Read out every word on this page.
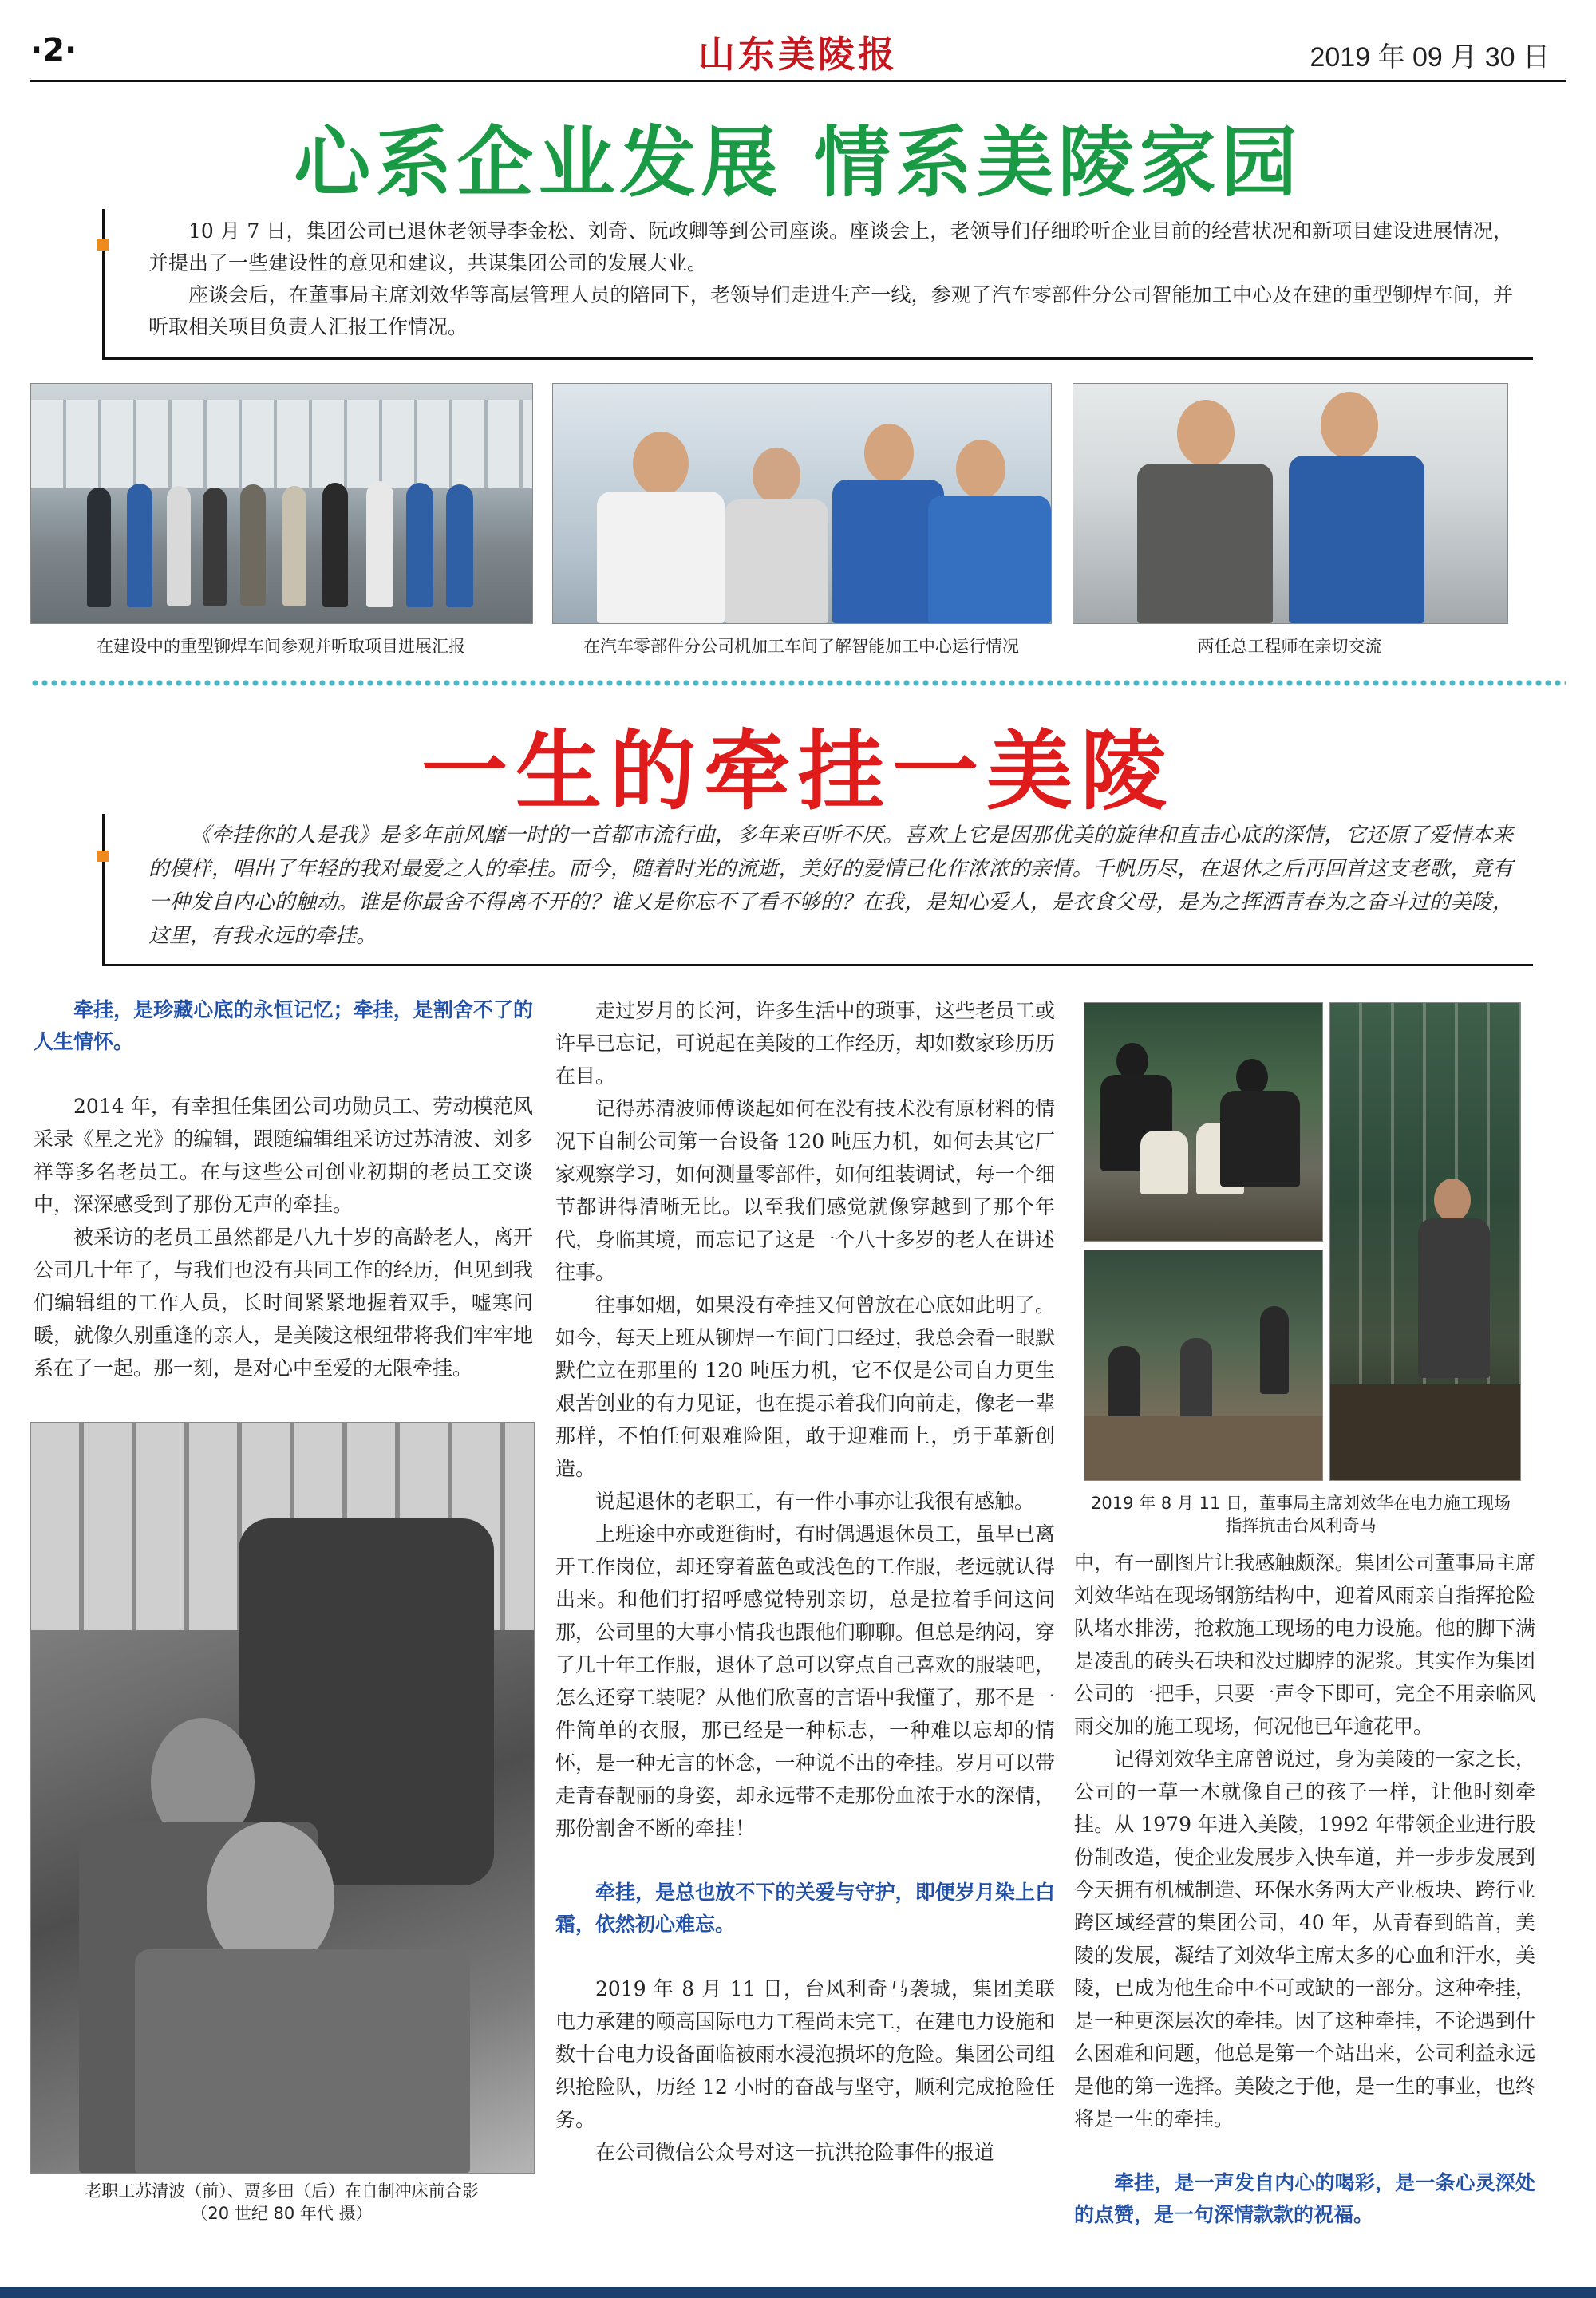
·2·	山东美陵报	2019 年 09 月 30 日
心系企业发展 情系美陵家园

10 月 7 日，集团公司已退休老领导李金松、刘奇、阮政卿等到公司座谈。座谈会上，老领导们仔细聆听企业目前的经营状况和新项目建设进展情况，并提出了一些建设性的意见和建议，共谋集团公司的发展大业。

座谈会后，在董事局主席刘效华等高层管理人员的陪同下，老领导们走进生产一线，参观了汽车零部件分公司智能加工中心及在建的重型铆焊车间，并听取相关项目负责人汇报工作情况。

在建设中的重型铆焊车间参观并听取项目进展汇报	在汽车零部件分公司机加工车间了解智能加工中心运行情况	两任总工程师在亲切交流
一生的牵挂一美陵

《牵挂你的人是我》是多年前风靡一时的一首都市流行曲，多年来百听不厌。喜欢上它是因那优美的旋律和直击心底的深情，它还原了爱情本来的模样，唱出了年轻的我对最爱之人的牵挂。而今，随着时光的流逝，美好的爱情已化作浓浓的亲情。千帆历尽，在退休之后再回首这支老歌，竟有一种发自内心的触动。谁是你最舍不得离不开的？谁又是你忘不了看不够的？在我，是知心爱人，是衣食父母，是为之挥洒青春为之奋斗过的美陵，这里，有我永远的牵挂。

牵挂，是珍藏心底的永恒记忆；牵挂，是割舍不了的人生情怀。

2014 年，有幸担任集团公司功勋员工、劳动模范风采录《星之光》的编辑，跟随编辑组采访过苏清波、刘多祥等多名老员工。在与这些公司创业初期的老员工交谈中，深深感受到了那份无声的牵挂。

被采访的老员工虽然都是八九十岁的高龄老人，离开公司几十年了，与我们也没有共同工作的经历，但见到我们编辑组的工作人员，长时间紧紧地握着双手，嘘寒问暖，就像久别重逢的亲人，是美陵这根纽带将我们牢牢地系在了一起。那一刻，是对心中至爱的无限牵挂。

老职工苏清波（前）、贾多田（后）在自制冲床前合影
（20 世纪 80 年代 摄）

走过岁月的长河，许多生活中的琐事，这些老员工或许早已忘记，可说起在美陵的工作经历，却如数家珍历历在目。

记得苏清波师傅谈起如何在没有技术没有原材料的情况下自制公司第一台设备 120 吨压力机，如何去其它厂家观察学习，如何测量零部件，如何组装调试，每一个细节都讲得清晰无比。以至我们感觉就像穿越到了那个年代，身临其境，而忘记了这是一个八十多岁的老人在讲述往事。

往事如烟，如果没有牵挂又何曾放在心底如此明了。如今，每天上班从铆焊一车间门口经过，我总会看一眼默默伫立在那里的 120 吨压力机，它不仅是公司自力更生艰苦创业的有力见证，也在提示着我们向前走，像老一辈那样，不怕任何艰难险阻，敢于迎难而上，勇于革新创造。

说起退休的老职工，有一件小事亦让我很有感触。

上班途中亦或逛街时，有时偶遇退休员工，虽早已离开工作岗位，却还穿着蓝色或浅色的工作服，老远就认得出来。和他们打招呼感觉特别亲切，总是拉着手问这问那，公司里的大事小情我也跟他们聊聊。但总是纳闷，穿了几十年工作服，退休了总可以穿点自己喜欢的服装吧，怎么还穿工装呢？从他们欣喜的言语中我懂了，那不是一件简单的衣服，那已经是一种标志，一种难以忘却的情怀，是一种无言的怀念，一种说不出的牵挂。岁月可以带走青春靓丽的身姿，却永远带不走那份血浓于水的深情，那份割舍不断的牵挂！

牵挂，是总也放不下的关爱与守护，即便岁月染上白霜，依然初心难忘。

2019 年 8 月 11 日，台风利奇马袭城，集团美联电力承建的颐高国际电力工程尚未完工，在建电力设施和数十台电力设备面临被雨水浸泡损坏的危险。集团公司组织抢险队，历经 12 小时的奋战与坚守，顺利完成抢险任务。

在公司微信公众号对这一抗洪抢险事件的报道

2019 年 8 月 11 日，董事局主席刘效华在电力施工现场
指挥抗击台风利奇马

中，有一副图片让我感触颇深。集团公司董事局主席刘效华站在现场钢筋结构中，迎着风雨亲自指挥抢险队堵水排涝，抢救施工现场的电力设施。他的脚下满是凌乱的砖头石块和没过脚脖的泥浆。其实作为集团公司的一把手，只要一声令下即可，完全不用亲临风雨交加的施工现场，何况他已年逾花甲。

记得刘效华主席曾说过，身为美陵的一家之长，公司的一草一木就像自己的孩子一样，让他时刻牵挂。从 1979 年进入美陵，1992 年带领企业进行股份制改造，使企业发展步入快车道，并一步步发展到今天拥有机械制造、环保水务两大产业板块、跨行业跨区域经营的集团公司，40 年，从青春到皓首，美陵的发展，凝结了刘效华主席太多的心血和汗水，美陵，已成为他生命中不可或缺的一部分。这种牵挂，是一种更深层次的牵挂。因了这种牵挂，不论遇到什么困难和问题，他总是第一个站出来，公司利益永远是他的第一选择。美陵之于他，是一生的事业，也终将是一生的牵挂。

牵挂，是一声发自内心的喝彩，是一条心灵深处的点赞，是一句深情款款的祝福。
